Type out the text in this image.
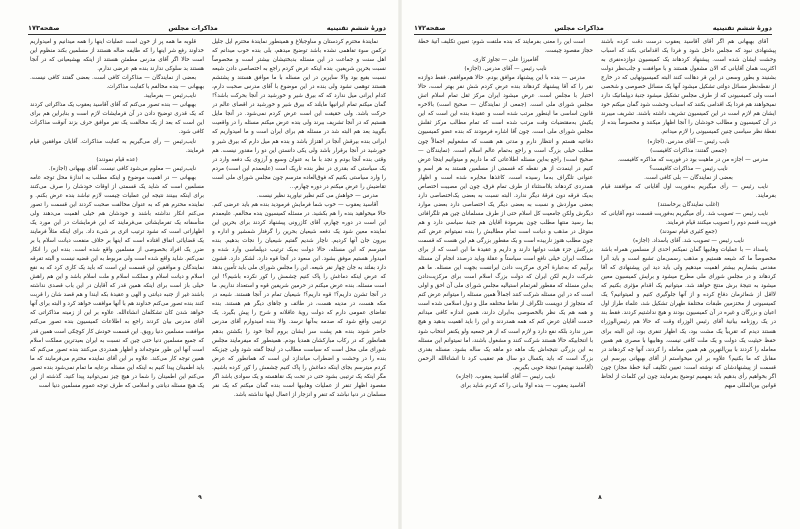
دورهٔ ششم تقنینیه
مذاکرات مجلس
صفحه‌۱۷۳

نمایندهٔ محترم کردستان و ساوجبلاغ و همینطور نمایندهٔ محترم ایل جلیل ترکمن سوء تفاهمی نشده باشد توضیح میدهم، بلی بنده خوب میدانم که اهل سنت و جماعت در این مسئله بدبختیشان بیشتر است و مخصوصاً نسبت بحرین شریفین. بنده اینکه عرض کردم راجع به اختصاصی دادن شیعه نسبت بقیع بود والا سایرین در این مسئله با ما موافق هستند و پشتشم هستند توهمی نشود ولی بنده در این موضوع با آقای مدرس صحبت دارم، کدام ایرانی میل ندارد که که بیرق شیر و خورشید در آنجا بحرکت باشد؟! گمان میکنم تمام ایرانیها مایلند که بیرق شیر و خورشید در اقصای عالم در حرکت باشد. ولی حقیقت این است عرض کردم نمی‌شود. در آنجا مایل هستیم که در آنجا تشریف ببرند ولی بنده عرض میکنم مسئله را در واقعیت بگویید بعد هم البته شد در مسئله هم برای ایران است و ما امیدواریم که ایرانی بنده بیرقش آنجا در اهتزاز باشد و بنده هم میل دارم که بیرق شیر و خورشید در آنجا برقرار باشد ولی یکی دانستن این دو را مقدور نیست. هم وقتی بنده آنجا بودم و نجد با ما به عنوان وسیع و آرزوی یک دفعه وارد در یک سیاستی که بقدری در نظر بنده تاریک است (علیعمدم این است) مردم را وارد سیاستی بکنیم که فوق‌العاده مترسم چون مجلس شورای ملی است تقاضیش را عرض میکنم در دوره چهارم...

مدرس — خواهش می کنم نظیر نیاورید نظیر نیست.

آقاسید یعقوب — خوب شما فرمایش فرمودید بنده هم باید عرضی کنم. حالا میخواهید بنده را هم بکشید. در مسئله کمیسیون بنده مخالفم. علیعمدم این است در دوره چهارم، آقای کازرونی پیشنهاد کردند برای بحرین این نماینده معین شود یک دفعه شیعیان بحرین را گرفتار شمشیر و اداره و بیرون جان آنها کردیم. ناچار شدیم گفتیم شیعیان را نجات بدهیم. بنده میترسم که این مسئله، حالا دولت به‌یک ترتیب دیپلماسی وارد شده و امیدوار هستیم موفق بشود. ابن سعود در آنجا قوه دارد. لشکر دارد. قشون دارد بفلتد به جان چهار نفر شیعه. این را مجلس شورای ملی باید تأمین بدهد که عرض اینکه دماغش را پاک کنیم چشمش را کور نکرده باشیم؟! این است مسئله. بنده عرض میکنم در حرمین شریفین قوه و استعداد نداریم. ما در آنجا تشرن داریم؟! قوه داریم؟! شیعیان تمام در آنجا هستند. شیعه در مکه هست، در مدینه هست، در طائف و جاهای دیگر هم هستند. بنده تقاضای عمومی دارم که دولت رویهٔ عاقلانه و شرح را پیش بگیرد. یک ترتیبی واقع شود که صدمه به‌آنها نرسد. والا بنده امیدوارم آقای مدرس حاضر شوند بنده هم پشت سر ایشان بروم آنجا خود را بکشتن بدهم همانطور که در رکاب مبارکشان همدیا بودم. همینطور که میفرمایند مجلس شورای ملی محل است که سیاست مطالب در اینجا گفته شود ولی چیزیکه بنده را در وحشت و اضطراب میاندازد این است که همانطور که عرض کردم میترسم بجای اینکه دماغش را پاک کنیم چشمش را کور کرده باشیم. مگر اینکه یک ترتیبی بشود حتی در تحت یک نقاهسته و یک سوادی باشد اگر مقصود اظهار تنفر از عملیات وهابیها است بنده گمان میکنم که یک نفر مسلمان در دنیا نباشد که تنفر و انزجار از اعمال اینها نداشته باشد.

قلوبه ما همه پر از خون است عملیات اینها را همه میدانیم و امیدواریم خداوند رفع شر اینها را که طایفه ضاله هستند از مسلمین بکند منظوم این است حالا اگر آقای مدرس مطمئن هستند از اینکه بهشیعیانی که در آنجا هستند بد سلوکی ندارند بنده هم عرضی ندارم.

بعضی از نمایندگان — مذاکرات کافی است. بعضی گفتند کافی نیست. بهبهانی — بنده مخالفم با کفایت مذاکرات.

نایب‌رئیس — بفرمایید.

بهبهانی — بنده تصور می‌کنم که آقای آقاسید یعقوب یک مذاکراتی کردند که یک قدری توضیح دادن در آن فرمایشات لازم است و بنابراین هم برای این است که بعد از یک مخالفت یک نفر موافق حرف بزند آنوقت مذاکرات کافی شود.

نایب‌رئیس — رأی می‌گیریم به کفایت مذاکرات. آقایان موافقین قیام فرمایند.

(عده قیام نمودند)

نایب‌رئیس — معلوم می‌شود کافی نیست. آقای بهبهانی (اجازه).

بهبهانی — در اهمیت موضوع و اینکه مطلب به اندازهٔ محل توجه عامه مسلمین است که شاید یک قسمتی از اوقات خودشان را صرف می‌کنند برای اینکه ببینند نتیجه این عملیات چیست لازم نباشد بنده عرض بکنم. و نماینده محترم هم که به عنوان مخالفت صحبت کردند این قسمت را تصور می‌کنم انکار نداشته باشند و خودشان هم خیلی اهمیت می‌دهند ولی متأسفانه یک تفرمایشاتی می‌فرمایند که این فرمایشات در این مورد یک اظهاراتی است که نشود ترتیب اثری بر شیء داد. برای اینکه مثلاً فرمایند یک قضایائی اتفاق افتاده است که اینها بر خلاف منفعت دیانت اسلام یا بر ضرر یک افراد بخصوصی از مسلمین واقع شده است. بنده این را انکار نمی‌کنم. شاید واقع شده است ولی مربوط به این قضیه نیست و البته تفرقه نمایندگان و موافقین این قسمت این است که باید یک کاری کرد که به نفع اسلام و دیانت اسلام و مملکت اسلام و ملت اسلام باشد و این هم راهش خیلی باز است برای اینکه همین قدر که آقایان در این باب قصدی نداشته باشند غیر از جنبه دیانتی و الهی و عقیدهٔ بکه ایندا و هم قصد شان را قربت کنند بنده تصور می‌کنم خداوند هم با آنها موافقت خواهد کرد و البته برای آنها خواهد شدن کان تشکلفان انشاء‌الله. علاوه بر این از زمینه مذاکراتی که آقای مدرس بیان کردند راجع به اطلاعات کمیسیون بنده تصور می‌کنم موافقت مسلمین دنیا رویق. این قسمت خودش کار کوچکی است همین قدر که جمیع مسلمین دنیا حتی چین که نسبت به ایران بعیدترین مملکت اسلام است آنها این طور متوجه‌اند و اظهار همدردی می‌کنند بنده تصور می‌کنم که همین توجه کار می‌کند. علاوه بر این آقای نماینده محترم می‌فرمایند که ما باید اطمینان پیدا کنیم به اینکه این مسئله برعایه ما تمام نمی‌شود بنده تصور می‌کنم این اطمینان را شما در هیچ چیز نمی‌توانید پیدا کنید. گذشته از این یک هیچ مسئله دیانتی و اسلامی که طرف توجه عموم مسلمین دنیا است

۹
دورهٔ ششم تقنینیه
مذاکرات مجلس
صفحه‌۱۷۲

آقای بهبهانی هم اگر آقای آقاسید یعقوب درست دقت کرده باشند پیشنهادی نبود که مجلس داخل شود و فردا یک اقداماتی بکند که اسباب وحشت ایشان شده است. پیشنهاد کردهاند یک کمیسیون دوازده‌نفری به اکثریت همان آقایانی که الان مشغول هستند و با موافقت و جلب‌نظر دولت بشنیند و بطور وسعی در این قر دهالت کنند البته کمیسیونهایی که در خارج از نقطه‌نظر مسائل دولتی تشکیل میشود آنها یک مسائل خصوصی و شخصی است ولی کمیسیونی که از طرف مجلس تشکیل میشود جنبهٔ دیپلماتیک دارد نمیخواهند هم فردا یک اقدامی بکنند که اسباب وحشت شود گمان میکنم خود ایشان هم لازم است در این کمیسیون تشریف داشته باشند. تشریف میبرند در آن کمیسیون و مطالب خودشان را آنجا اظهار میکنند و مخصوصاً بنده از نقطهٔ نظر سیاسی چنین کمیسیونی را لازم میدانم.

نایب رئیس — آقای مدرس. (اجازه)

(جمعی گفتند: مذاکرات کافیست)

مدرس — اجازه من در ماهیت بود در فوریت که مذاکره کافیست.

نایب رئیس — مذاکرات کافیست؟

بعضی از نمایندگان — بلی کافی است.

نایب رئیس — رأی میگیریم به‌فوریت اول آقایانی که موافقند قیام بفرمایند.

(اغلب نمایندگان برخاستند)

نایب رئیس — تصویب شد. رأی میگیریم به‌فوریت قسمت دوم آقایانی که فوریت قسم دوم را تصویب میکنند قیام فرمایند.

(جمع کثیری قیام نمودند)

نایب رئیس — تصویب شد. آقای یاسداد. (اجازه)

یاسداد — با عملیات وهابیها گمان نمیکنم احدی از مسلمین همراه باشد مخصوصاً ما که شیعه هستیم و مذهب رسمی‌مان تشیع است و باید آنرا مقدس بشماریم بیشتر اهمیت میدهیم ولی باید دید این پیشنهادی که آقا کردهاند و در مجلس شورای ملی مطرح میشود و برایش کمیسیون معین میشود به نتیجهٔ برش منتج خواهد شد. میتوانیم یک اقدام مؤثری بکنیم که لااقل از شعائرمان دفاع کرده و از آنها جلوگیری کنیم و لمیتوانیم؟ یک کمیسیونی از مختزمین طبقات مختلفهٔ طهران تشکیل شد، علماء طراز اول اعیان و بزرگان و غیره در آن کمیسیون بودند و هیچ نداشتیم کردند. فقط بند در یک روزنامه بیانیهٔ آقای رئیس الوزراء وقت که حالا هم رئیس‌الوزراء هستند دیدم که تقریباً یک مشت بود، یک اظهار تنفری بود، این البته برای حفظ حیثیت یک دولت و یک ملت کافی نیست. وهابیها با مصری هم همین معامله را کردند با بین‌النهرین هم همین معامله را کردند، آنها چه کردهاند در مقابل که ما بکنیم؟ علاوه بر این میخواستم از آقای بهبهانی بپرسم این قسمت از پیشنهادشان که نوشته است: تعیین تکلیف آتیهٔ خطهٔ مجاز) چون اگر بخواهیم رأی بدهیم باید بفهمیم توضیح بفرمایند چون این کلمات از لحاظ قوانین بین‌المللی مبهم

است این را معنی بفرمایند که بنده ملتفت شوم: تعیین تکلیف آتیهٔ خطهٔ حجاز مقصود چیست.

آقامیرزا علی — تجاوز کاری.

نایب رئیس — آقای مدرس. (اجازه)

مدرس — بنده با این پیشنهاد موافق بودم. حالا هم‌موافقم. فقط دوازده نفر را که آقا پیشنهاد کردهاند بنده عرض کردم شش نفر بهتر است، حالا اختیار با مجلس است. عرض میشود ایران مرکز ثقل تمام اسلام اتش مجلس شورای ملی است. (جمعی از نمایندگان — صحیح است) بالاخره قانون اساسی ما اینطور مرتب شده است و عقیدهٔ بنده این است که این یکیش به‌مقتضیات وقت مرتب شده است که تمام مطالب مرکز ثقلش مجلس شورای ملی است. چون آقا اشاره فرمودند که بنده عضو کمیسیون دفاعیه هستم و انتظار دارم و مدتی هم هست که مشغولیم اجمالاً چون مطلب خیلی بزرگ است و راجع به‌تمام عالم اسلام است. (نمایندگان — صحیح است) راجع به‌این مسئله اطلاعاتی که ما داریم و میتوانیم اینجا عرض کنیم در اینمدت از هر نقطه که قسمتی از مسلمین هستند به هر اسم و عنوانی تلگراف به‌ما رسیده است، کاغذها مخابره شده است و اظهار همدردی کردهاند بلااستثناء از طرف تمام فرق، چون این مصیبت اختصاص به‌یک فرقه دون فرقهٔ دیگر ندارد. البته نسبت به بعضی یک‌اختصاصی دارد بعضی مواردش و نسبت به بعضی دیگر یک اختصاصی دارد بعضی موارد دیگرش ولکن جامعیت کل اسلام حتی از طرف مسلمانان چین هم تلگرافاتی بما رسید منتها مطلب چون بفرمودهٔ آقایان هم جنبهٔ سیاسی دارد و هم متوغل در مذهب و دیانت است تمام مطالبش را بنده نمیتوانم عرض کنم چون مطلب هنوز ناربیده است و یک مقطور بزرگی هم این هست که قسمت بزرگتش جزء هیئت دولتها دارند و داریم و عقیدهٔ ما این است که از برای مملکت ایران خیلی نافع است سیاستاً و عقلهٔ وباید درصدد انجام آن مسئله برآییم که به‌عبارهٔ آخری مرکزیت دادن ایرانست بجهت این مسئله. ما هم شرکت داریم لکن ایران که دولت بزرگ اسلام است برای مرکزیت‌دادن به‌این مسئله که مقطور لفرتمام استیالیه مجلس شورای ملی آن احق و اولی است که در این مسئله شرکت کنند اجمالاً همین مسئله را میتوانم عرض کنم که متجاوز از دویست تلگراف از نقاط مختلفه ملل و دول اسلامی شده است و همه هم یک نظر بالخصوصی به‌ایران دارند، همین اندازه کافی میدانم خدمت آقایان عرض کنم که همه همدردند و این را باید اهمیت بدهید و هیچ ضرر ندارد بلکه نفع دارد و لازم است که از هر جمعیه ولو یکنفر انتخاب شود با انتخابیکه حالا هستند شرکت کنند و مشغول باشند، اما نمیتوانم این مسئله به این بزرگی نتیجه‌اش یک ماهه دو ماهه یک ساله بشود. مسئله بقدری بزرگ است که باید یکسال دو سال هم تعقیب کرد تا انشاءالله الرحمن (آقاسید نهیتیم) نتیجهٔ خوبی بگیریم.

نایب رئیس — آقای آقاسید یعقوب. (اجازه)

آقاسید یعقوب — بنده اولا بیانی را که کردم شاید برای

۸
